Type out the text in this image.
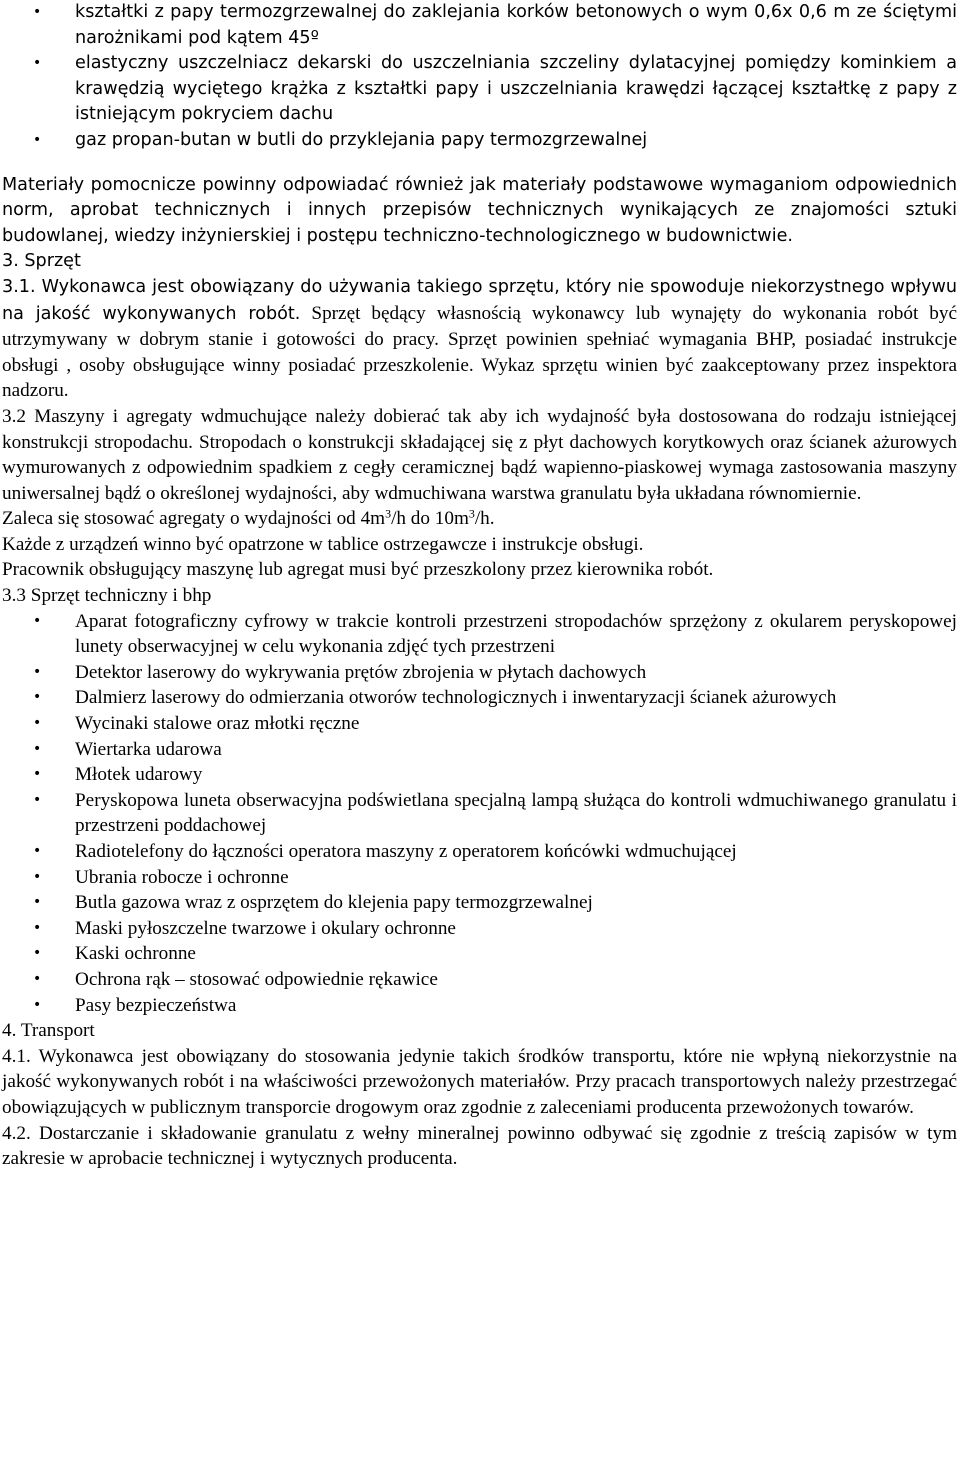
• kształtki z papy termozgrzewalnej do zaklejania korków betonowych o wym 0,6x 0,6 m ze ściętymi narożnikami pod kątem 45º
• elastyczny uszczelniacz dekarski do uszczelniania szczeliny dylatacyjnej pomiędzy kominkiem a krawędzią wyciętego krążka z kształtki papy i uszczelniania krawędzi łączącej kształtkę z papy z istniejącym pokryciem dachu
• gaz propan-butan w butli do przyklejania papy termozgrzewalnej

Materiały pomocnicze powinny odpowiadać również jak materiały podstawowe wymaganiom odpowiednich norm, aprobat technicznych i innych przepisów technicznych wynikających ze znajomości sztuki budowlanej, wiedzy inżynierskiej i postępu techniczno-technologicznego w budownictwie.

3. Sprzęt

3.1. Wykonawca jest obowiązany do używania takiego sprzętu, który nie spowoduje niekorzystnego wpływu na jakość wykonywanych robót. Sprzęt będący własnością wykonawcy lub wynajęty do wykonania robót być utrzymywany w dobrym stanie i gotowości do pracy. Sprzęt powinien spełniać wymagania BHP, posiadać instrukcje obsługi , osoby obsługujące winny posiadać przeszkolenie. Wykaz sprzętu winien być zaakceptowany przez inspektora nadzoru.

3.2 Maszyny i agregaty wdmuchujące należy dobierać tak aby ich wydajność była dostosowana do rodzaju istniejącej konstrukcji stropodachu. Stropodach o konstrukcji składającej się z płyt dachowych korytkowych oraz ścianek ażurowych wymurowanych z odpowiednim spadkiem z cegły ceramicznej bądź wapienno-piaskowej wymaga zastosowania maszyny uniwersalnej bądź o określonej wydajności, aby wdmuchiwana warstwa granulatu była układana równomiernie.

Zaleca się stosować agregaty o wydajności od $4m^3/h$ do $10m^3/h$.

Każde z urządzeń winno być opatrzone w tablice ostrzegawcze i instrukcje obsługi.

Pracownik obsługujący maszynę lub agregat musi być przeszkolony przez kierownika robót.

3.3 Sprzęt techniczny i bhp

• Aparat fotograficzny cyfrowy w trakcie kontroli przestrzeni stropodachów sprzężony z okularem peryskopowej lunety obserwacyjnej w celu wykonania zdjęć tych przestrzeni
• Detektor laserowy do wykrywania prętów zbrojenia w płytach dachowych
• Dalmierz laserowy do odmierzania otworów technologicznych i inwentaryzacji ścianek ażurowych
• Wycinaki stalowe oraz młotki ręczne
• Wiertarka udarowa
• Młotek udarowy
• Peryskopowa luneta obserwacyjna podświetlana specjalną lampą służąca do kontroli wdmuchiwanego granulatu i przestrzeni poddachowej
• Radiotelefony do łączności operatora maszyny z operatorem końcówki wdmuchującej
• Ubrania robocze i ochronne
• Butla gazowa wraz z osprzętem do klejenia papy termozgrzewalnej
• Maski pyłoszczelne twarzowe i okulary ochronne
• Kaski ochronne
• Ochrona rąk – stosować odpowiednie rękawice
• Pasy bezpieczeństwa

4. Transport

4.1. Wykonawca jest obowiązany do stosowania jedynie takich środków transportu, które nie wpłyną niekorzystnie na jakość wykonywanych robót i na właściwości przewożonych materiałów. Przy pracach transportowych należy przestrzegać obowiązujących w publicznym transporcie drogowym oraz zgodnie z zaleceniami producenta przewożonych towarów.

4.2. Dostarczanie i składowanie granulatu z wełny mineralnej powinno odbywać się zgodnie z treścią zapisów w tym zakresie w aprobacie technicznej i wytycznych producenta.
